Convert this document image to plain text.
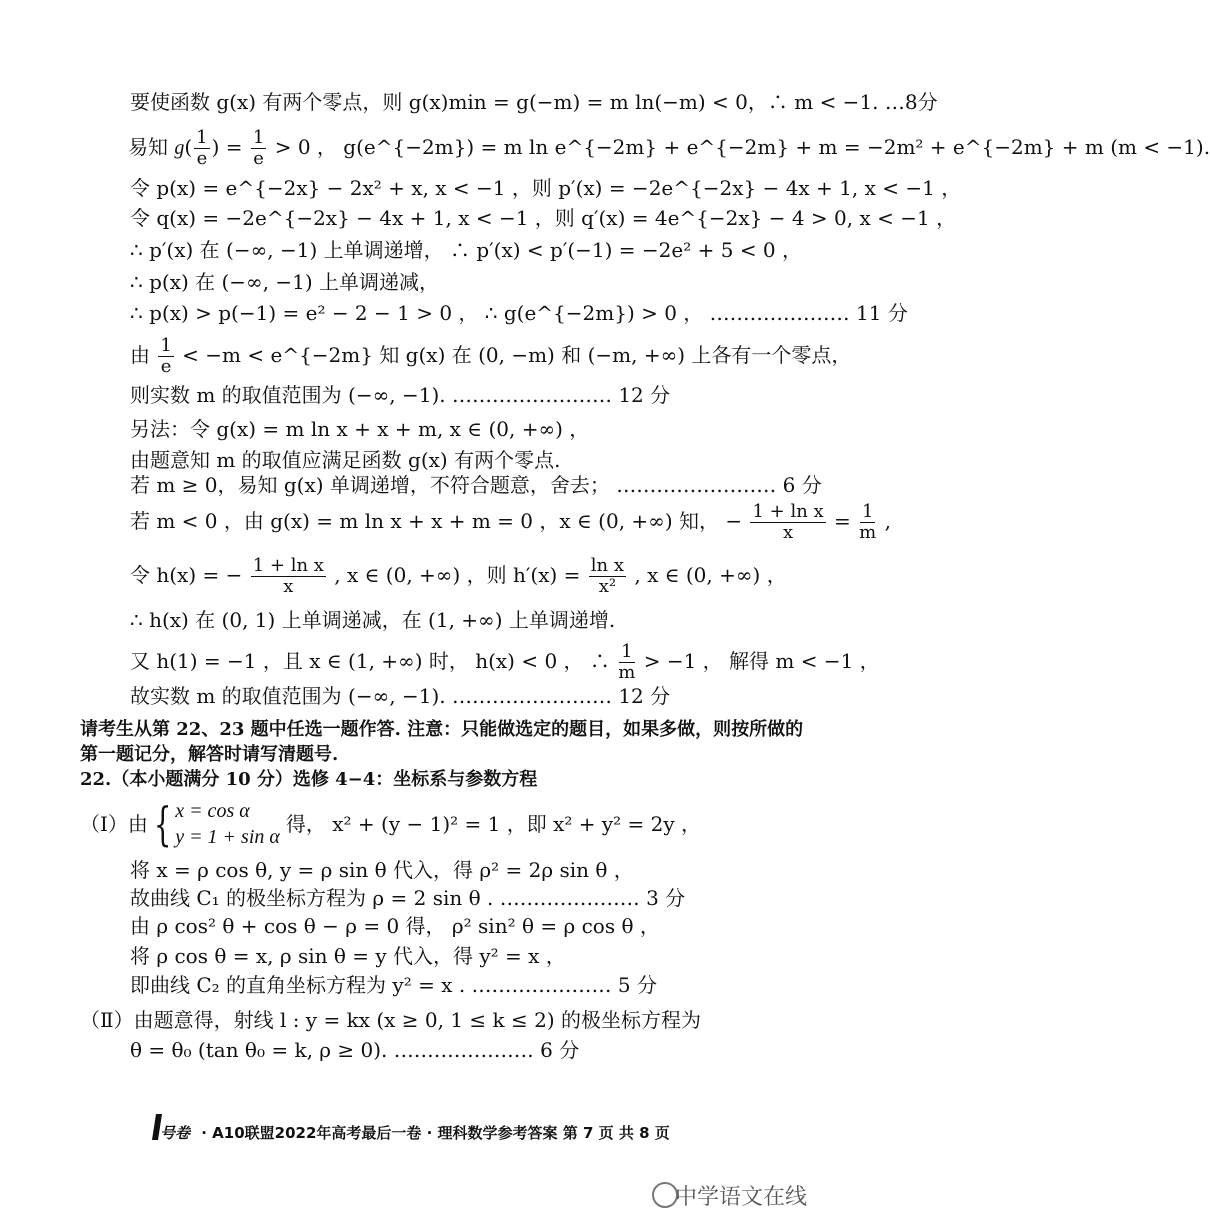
要使函数 g(x) 有两个零点，则 g(x)min = g(−m) = m ln(−m) < 0，∴ m < −1. …8分
易知 $g( \frac{1}{e}$ ) = $\frac{1}{e} > 0$ ， g(e^{−2m}) = m ln e^{−2m} + e^{−2m} + m = −2m² + e^{−2m} + m (m < −1).
令 p(x) = e^{−2x} − 2x² + x, x < −1 ，则 p′(x) = −2e^{−2x} − 4x + 1, x < −1 ，
令 q(x) = −2e^{−2x} − 4x + 1, x < −1 ，则 q′(x) = 4e^{−2x} − 4 > 0, x < −1 ，
∴ p′(x) 在 (−∞, −1) 上单调递增， ∴ p′(x) < p′(−1) = −2e² + 5 < 0 ，
∴ p(x) 在 (−∞, −1) 上单调递减，
∴ p(x) > p(−1) = e² − 2 − 1 > 0 ， ∴ g(e^{−2m}) > 0 ， ………………… 11 分
由 $\frac{1}{e} < -m$ < e^{−2m} 知 g(x) 在 (0, −m) 和 (−m, +∞) 上各有一个零点，
则实数 m 的取值范围为 (−∞, −1). …………………… 12 分
另法：令 g(x) = m ln x + x + m, x ∈ (0, +∞) ，
由题意知 m 的取值应满足函数 g(x) 有两个零点.
若 m ≥ 0，易知 g(x) 单调递增，不符合题意，舍去； …………………… 6 分
若 m < 0 ，由 g(x) = m ln x + x + m = 0 ，x ∈ (0, +∞) 知， − $\frac{\text{1 + ln x}}{x} = \frac{1}{m}$ ,
令 h(x) = − $\frac{\text{1 + ln x}}{x}$ , x ∈ (0, +∞) ，则 $h'(x) = \frac{\text{ln x}}{\text{x²}}$ , x ∈ (0, +∞) ，
∴ h(x) 在 (0, 1) 上单调递减，在 (1, +∞) 上单调递增.
又 h(1) = −1 ，且 x ∈ (1, +∞) 时， h(x) < 0 ， ∴ $\frac{1}{m} > -1$ ， 解得 m < −1 ，
故实数 m 的取值范围为 (−∞, −1). …………………… 12 分
请考生从第 22、23 题中任选一题作答. 注意：只能做选定的题目，如果多做，则按所做的
第一题记分，解答时请写清题号.
22.（本小题满分 10 分）选修 4−4：坐标系与参数方程
（Ⅰ）由 { x = cos α
y = 1 + sin α
得， x² + (y − 1)² = 1 ，即 x² + y² = 2y ，
将 x = ρ cos θ, y = ρ sin θ 代入，得 ρ² = 2ρ sin θ ，
故曲线 C₁ 的极坐标方程为 ρ = 2 sin θ . ………………… 3 分
由 ρ cos² θ + cos θ − ρ = 0 得， ρ² sin² θ = ρ cos θ ，
将 ρ cos θ = x, ρ sin θ = y 代入，得 y² = x ，
即曲线 C₂ 的直角坐标方程为 y² = x . ………………… 5 分
（Ⅱ）由题意得，射线 l : y = kx (x ≥ 0, 1 ≤ k ≤ 2) 的极坐标方程为
θ = θ₀ (tan θ₀ = k, ρ ≥ 0). ………………… 6 分
号卷 · A10联盟2022年高考最后一卷 · 理科数学参考答案 第 7 页 共 8 页
中学语文在线
